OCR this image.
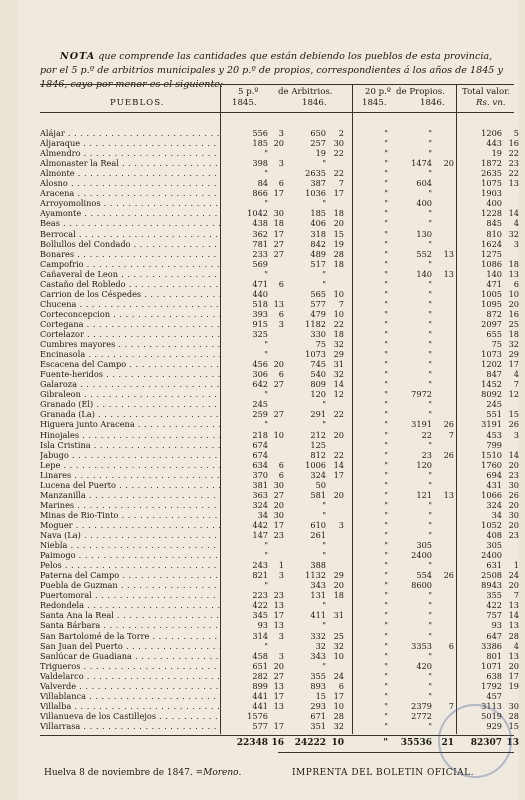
NOTA que comprende las cantidades que están debiendo los pueblos de esta provincia, por el 5 p.º de arbitrios municipales y 20 p.º de propios, correspondientes á los años de 1845 y 1846, cayo por menor es el siguiente:
5 p.º de Arbitrios.	20 p.º de Propios. Total valor.
PUEBLOS.	1845.	1846.	1845.	1846.	Rs. vn.
Alájar . . .	556	3	650	2	"	"	1206	5
Aljaraque . . .	185 20	257 30	"	"	443 16
Almendro . . .	"	19 22	"	"	19 22
Almonaster la Real . . .	398	3	"	"	1474	20	1872 23
Almonte . . .	"	2635 22	"	"	2635 22
Alosno . . .	84	6	387	7	"	604	1075 13
Aracena . . .	866 17	1036 17	"	"	1903
Arroyomolinos . . .	"	"	"	400	400
Ayamonte . . .	1042 30	185 18	"	"	1228 14
Beas . . .	438 18	406 20	"	"	845	4
Berrocal . . .	362 17	318 15	"	130	810 32
Bollullos del Condado . . .	781 27	842 19	"	"	1624	3
Bonares . . .	233 27	489 28	"	552	13	1275
Campofrio . . .	569	517 18	"	"	1086 18
Cañaveral de Leon . . .	"	"	"	140	13	140 13
Castaño del Robledo . . .	471	6	"	"	"	471	6
Carrion de los Céspedes . . .	440	565 10	"	"	1005 10
Chucena . . .	518 13	577	7	"	"	1095 20
Corteconcepcion . . .	393	6	479 10	"	"	872 16
Cortegana . . .	915	3	1182 22	"	"	2097 25
Cortelazor . . .	325	330 18	"	"	655 18
Cumbres mayores . . .	"	75 32	"	"	75 32
Encinasola . . .	"	1073 29	"	"	1073 29
Escacena del Campo . . .	456 20	745 31	"	"	1202 17
Fuente-heridos . . .	306	6	540 32	"	"	847	4
Galaroza . . .	642 27	809 14	"	"	1452	7
Gibraleon . . .	"	120 12	"	7972	8092 12
Granado (El) . . .	245	"	"	"	245
Granada (La) . . .	259 27	291 22	"	"	551 15
Higuera junto Aracena . . .	"	"	"	3191	26	3191 26
Hinojales . . .	218 10	212 20	"	22	7	453	3
Isla Cristina . . .	674	125	"	"	799
Jabugo . . .	674	812 22	"	23	26	1510 14
Lepe . . .	634	6	1006 14	"	120	1760 20
Linares . . .	370	6	324 17	"	"	694 23
Lucena del Puerto . . .	381 30	50	"	"	431 30
Manzanilla . . .	363 27	581 20	"	121	13	1066 26
Marines . . .	324 20	"	"	"	324 20
Minas de Rio-Tinto . . .	34 30	"	"	"	34 30
Moguer . . .	442 17	610	3	"	"	1052 20
Nava (La) . . .	147 23	261	"	"	408 23
Niebla . . .	"	"	"	305	305
Paimogo . . .	"	"	"	2400	2400
Pelos . . .	243	1	388	"	"	631	1
Paterna del Campo . . .	821	3	1132 29	"	554	26	2508 24
Puebla de Guzman . . .	"	343 20	"	8600	8943 20
Puertomoral . . .	223 23	131 18	"	"	355	7
Redondela . . .	422 13	"	"	"	422 13
Santa Ana la Real . . .	345 17	411 31	"	"	757 14
Santa Bárbara . . .	93 13	"	"	"	93 13
San Bartolomé de la Torre . . .	314	3	332 25	"	"	647 28
San Juan del Puerto . . .	"	32 32	"	3353	6	3386	4
Sanlúcar de Guadiana . . .	458	3	343 10	"	"	801 13
Trigueros . . .	651 20	"	"	420	1071 20
Valdelarco . . .	282 27	355 24	"	"	638 17
Valverde . . .	899 13	893	6	"	"	1792 19
Villablanca . . .	441 17	15 17	"	"	457
Villalba . . .	441 13	293 10	"	2379	7	3113 30
Villanueva de los Castillejos . . .	1576	671 28	"	2772	5019 28
Villarrasa . . .	577 17	351 32	"	"	929 15
22348 16	24222 10	"	35536	21	82307 13
Huelva 8 de noviembre de 1847. =Moreno.	IMPRENTA DEL BOLETIN OFICIAL.
